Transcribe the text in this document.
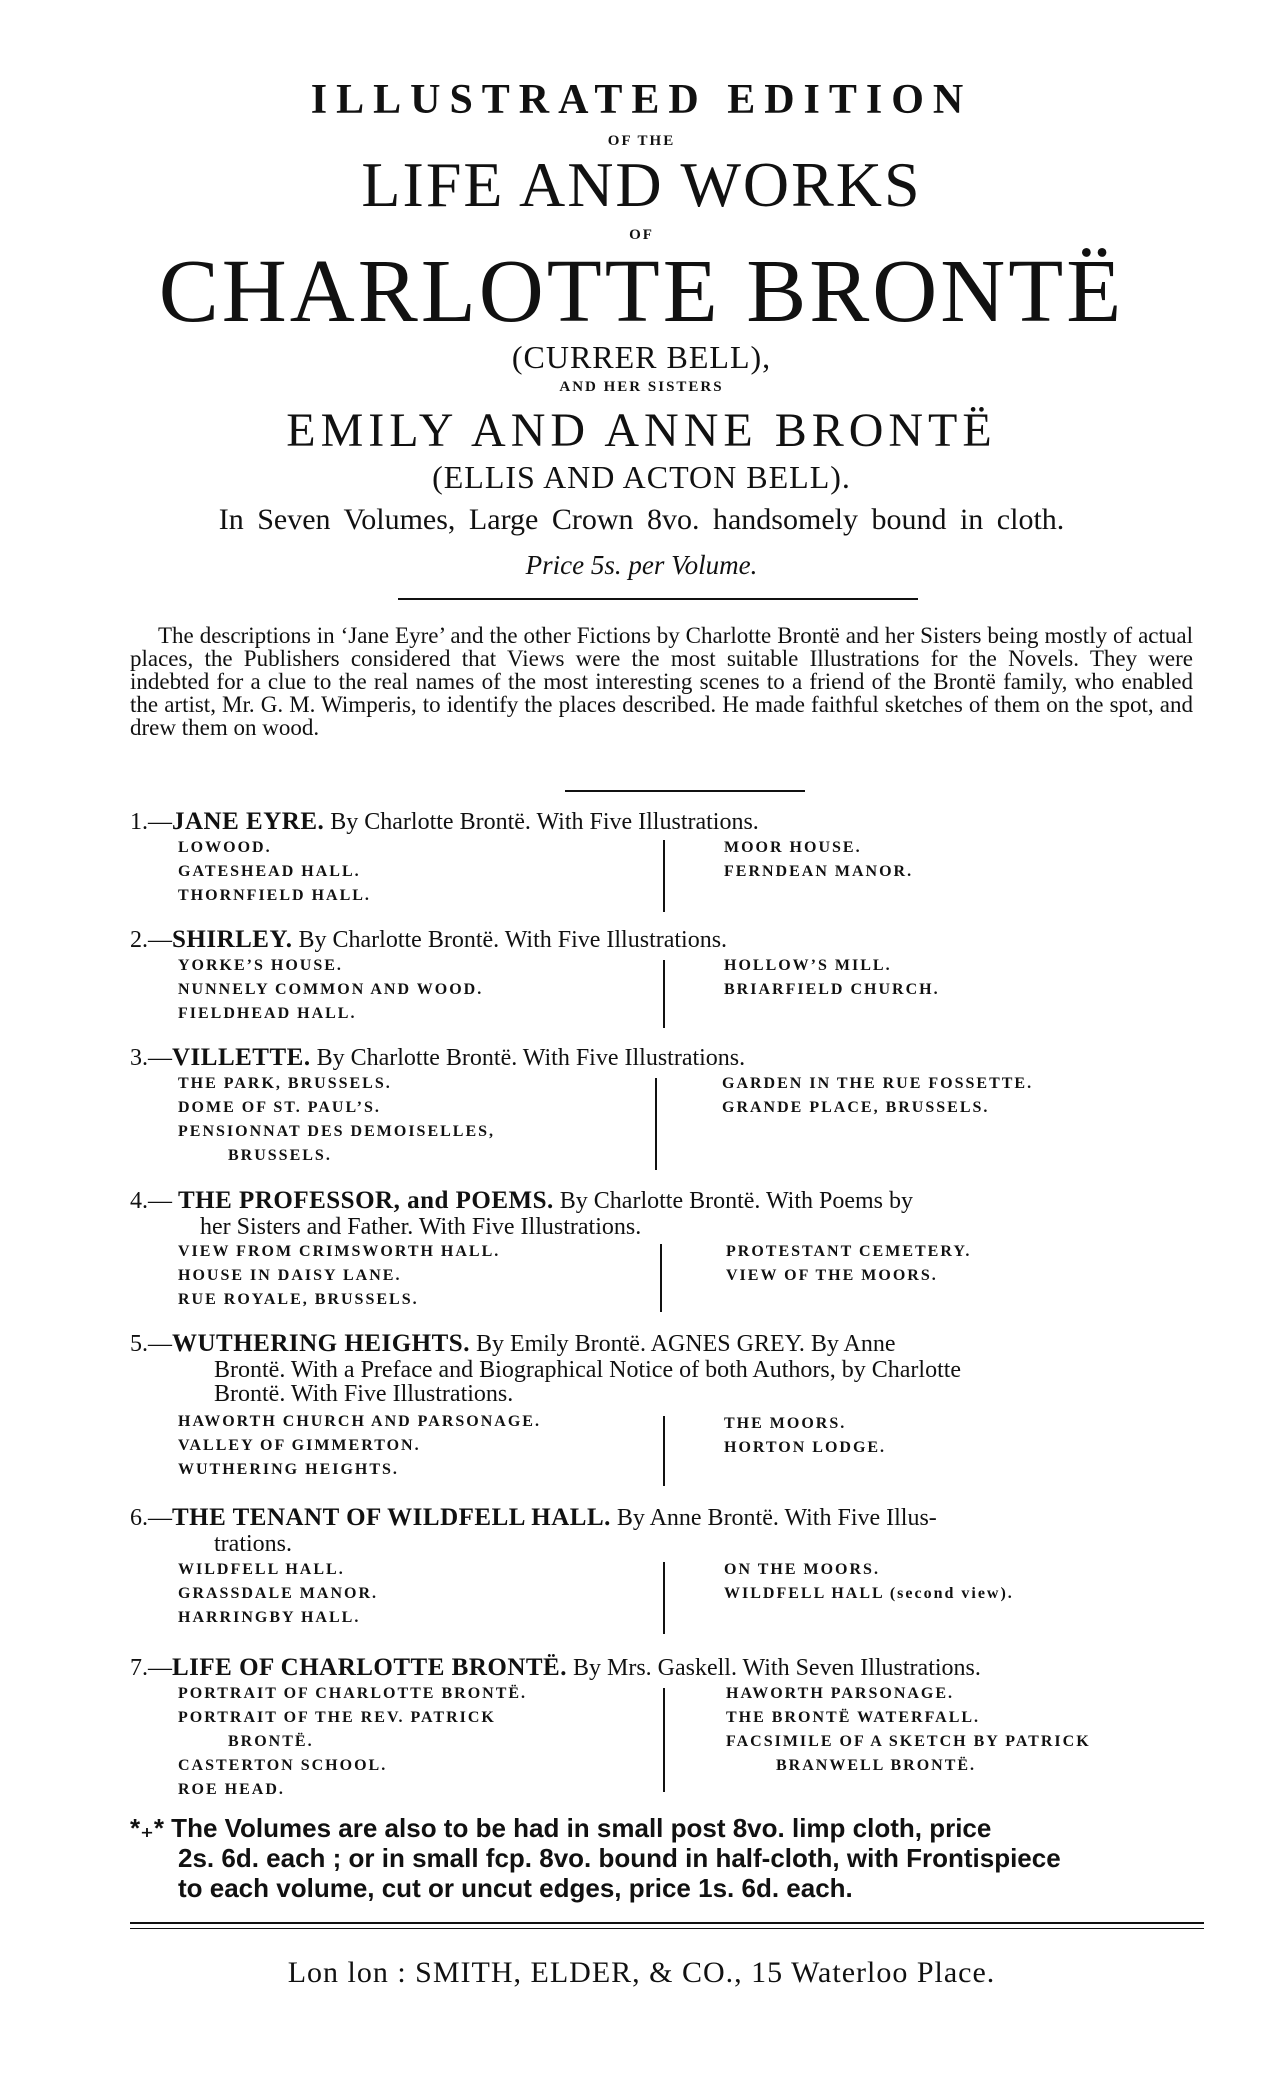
ILLUSTRATED EDITION
OF THE
LIFE AND WORKS
OF
CHARLOTTE BRONTË
(CURRER BELL),
AND HER SISTERS
EMILY AND ANNE BRONTË
(ELLIS AND ACTON BELL).
In Seven Volumes, Large Crown 8vo. handsomely bound in cloth.
Price 5s. per Volume.

The descriptions in ‘Jane Eyre’ and the other Fictions by Charlotte Brontë and her Sisters being mostly of actual places, the Publishers considered that Views were the most suitable Illustrations for the Novels. They were indebted for a clue to the real names of the most interesting scenes to a friend of the Brontë family, who enabled the artist, Mr. G. M. Wimperis, to identify the places described. He made faithful sketches of them on the spot, and drew them on wood.

1.—JANE EYRE. By Charlotte Brontë. With Five Illustrations.
LOWOOD.
GATESHEAD HALL.
THORNFIELD HALL.
MOOR HOUSE.
FERNDEAN MANOR.
2.—SHIRLEY. By Charlotte Brontë. With Five Illustrations.
YORKE’S HOUSE.
NUNNELY COMMON AND WOOD.
FIELDHEAD HALL.
HOLLOW’S MILL.
BRIARFIELD CHURCH.
3.—VILLETTE. By Charlotte Brontë. With Five Illustrations.
THE PARK, BRUSSELS.
DOME OF ST. PAUL’S.
PENSIONNAT DES DEMOISELLES,
BRUSSELS.
GARDEN IN THE RUE FOSSETTE.
GRANDE PLACE, BRUSSELS.
4.— THE PROFESSOR, and POEMS. By Charlotte Brontë. With Poems by
her Sisters and Father. With Five Illustrations.
VIEW FROM CRIMSWORTH HALL.
HOUSE IN DAISY LANE.
RUE ROYALE, BRUSSELS.
PROTESTANT CEMETERY.
VIEW OF THE MOORS.
5.—WUTHERING HEIGHTS. By Emily Brontë. AGNES GREY. By Anne
Brontë. With a Preface and Biographical Notice of both Authors, by Charlotte
Brontë. With Five Illustrations.
HAWORTH CHURCH AND PARSONAGE.
VALLEY OF GIMMERTON.
WUTHERING HEIGHTS.
THE MOORS.
HORTON LODGE.
6.—THE TENANT OF WILDFELL HALL. By Anne Brontë. With Five Illus-
trations.
WILDFELL HALL.
GRASSDALE MANOR.
HARRINGBY HALL.
ON THE MOORS.
WILDFELL HALL (second view).
7.—LIFE OF CHARLOTTE BRONTË. By Mrs. Gaskell. With Seven Illustrations.
PORTRAIT OF CHARLOTTE BRONTË.
PORTRAIT OF THE REV. PATRICK
BRONTË.
CASTERTON SCHOOL.
ROE HEAD.
HAWORTH PARSONAGE.
THE BRONTË WATERFALL.
FACSIMILE OF A SKETCH BY PATRICK
BRANWELL BRONTË.
*₊* The Volumes are also to be had in small post 8vo. limp cloth, price
2s. 6d. each ; or in small fcp. 8vo. bound in half-cloth, with Frontispiece
to each volume, cut or uncut edges, price 1s. 6d. each.
Lon lon : SMITH, ELDER, & CO., 15 Waterloo Place.
